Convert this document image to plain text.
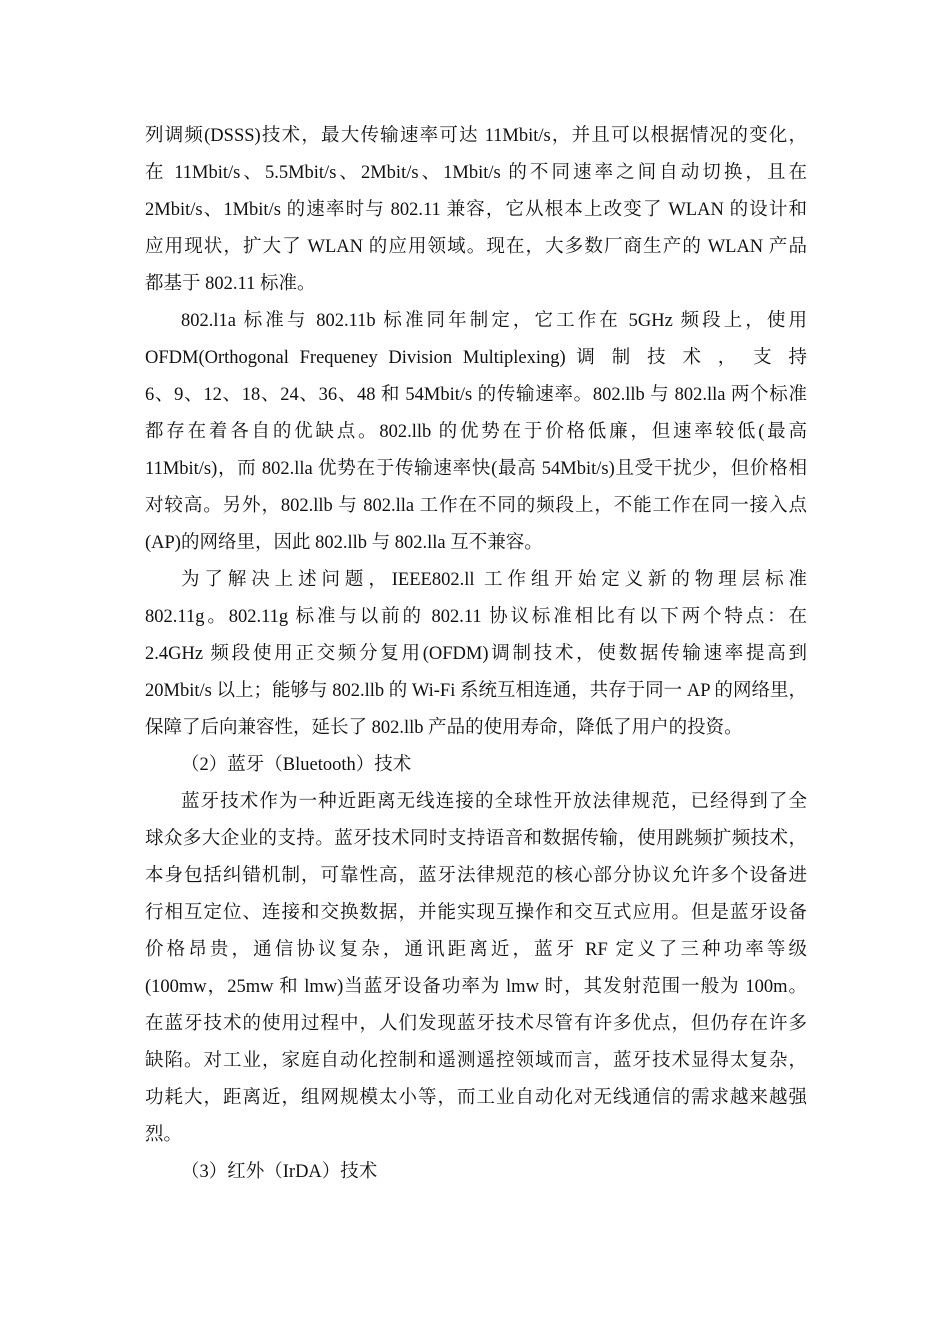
列调频(DSSS)技术，最大传输速率可达 11Mbit/s，并且可以根据情况的变化，
在 11Mbit/s、5.5Mbit/s、2Mbit/s、1Mbit/s 的不同速率之间自动切换，且在
2Mbit/s、1Mbit/s 的速率时与 802.11 兼容，它从根本上改变了 WLAN 的设计和
应用现状，扩大了 WLAN 的应用领域。现在，大多数厂商生产的 WLAN 产品
都基于 802.11 标准。
802.l1a 标准与 802.11b 标准同年制定，它工作在 5GHz 频段上，使用
OFDM(Orthogonal Frequeney Division Multiplexing) 调 制 技 术 ， 支 持
6、9、12、18、24、36、48 和 54Mbit/s 的传输速率。802.llb 与 802.lla 两个标准
都存在着各自的优缺点。802.llb 的优势在于价格低廉，但速率较低(最高
11Mbit/s)，而 802.lla 优势在于传输速率快(最高 54Mbit/s)且受干扰少，但价格相
对较高。另外，802.llb 与 802.lla 工作在不同的频段上，不能工作在同一接入点
(AP)的网络里，因此 802.llb 与 802.lla 互不兼容。
为了解决上述问题，IEEE802.ll 工作组开始定义新的物理层标准
802.11g。802.11g 标准与以前的 802.11 协议标准相比有以下两个特点：在
2.4GHz 频段使用正交频分复用(OFDM)调制技术，使数据传输速率提高到
20Mbit/s 以上；能够与 802.llb 的 Wi-Fi 系统互相连通，共存于同一 AP 的网络里，
保障了后向兼容性，延长了 802.llb 产品的使用寿命，降低了用户的投资。
（2）蓝牙（Bluetooth）技术
蓝牙技术作为一种近距离无线连接的全球性开放法律规范，已经得到了全
球众多大企业的支持。蓝牙技术同时支持语音和数据传输，使用跳频扩频技术，
本身包括纠错机制，可靠性高，蓝牙法律规范的核心部分协议允许多个设备进
行相互定位、连接和交换数据，并能实现互操作和交互式应用。但是蓝牙设备
价格昂贵，通信协议复杂，通讯距离近，蓝牙 RF 定义了三种功率等级
(100mw，25mw 和 lmw)当蓝牙设备功率为 lmw 时，其发射范围一般为 100m。
在蓝牙技术的使用过程中，人们发现蓝牙技术尽管有许多优点，但仍存在许多
缺陷。对工业，家庭自动化控制和遥测遥控领域而言，蓝牙技术显得太复杂，
功耗大，距离近，组网规模太小等，而工业自动化对无线通信的需求越来越强
烈。
（3）红外（IrDA）技术
